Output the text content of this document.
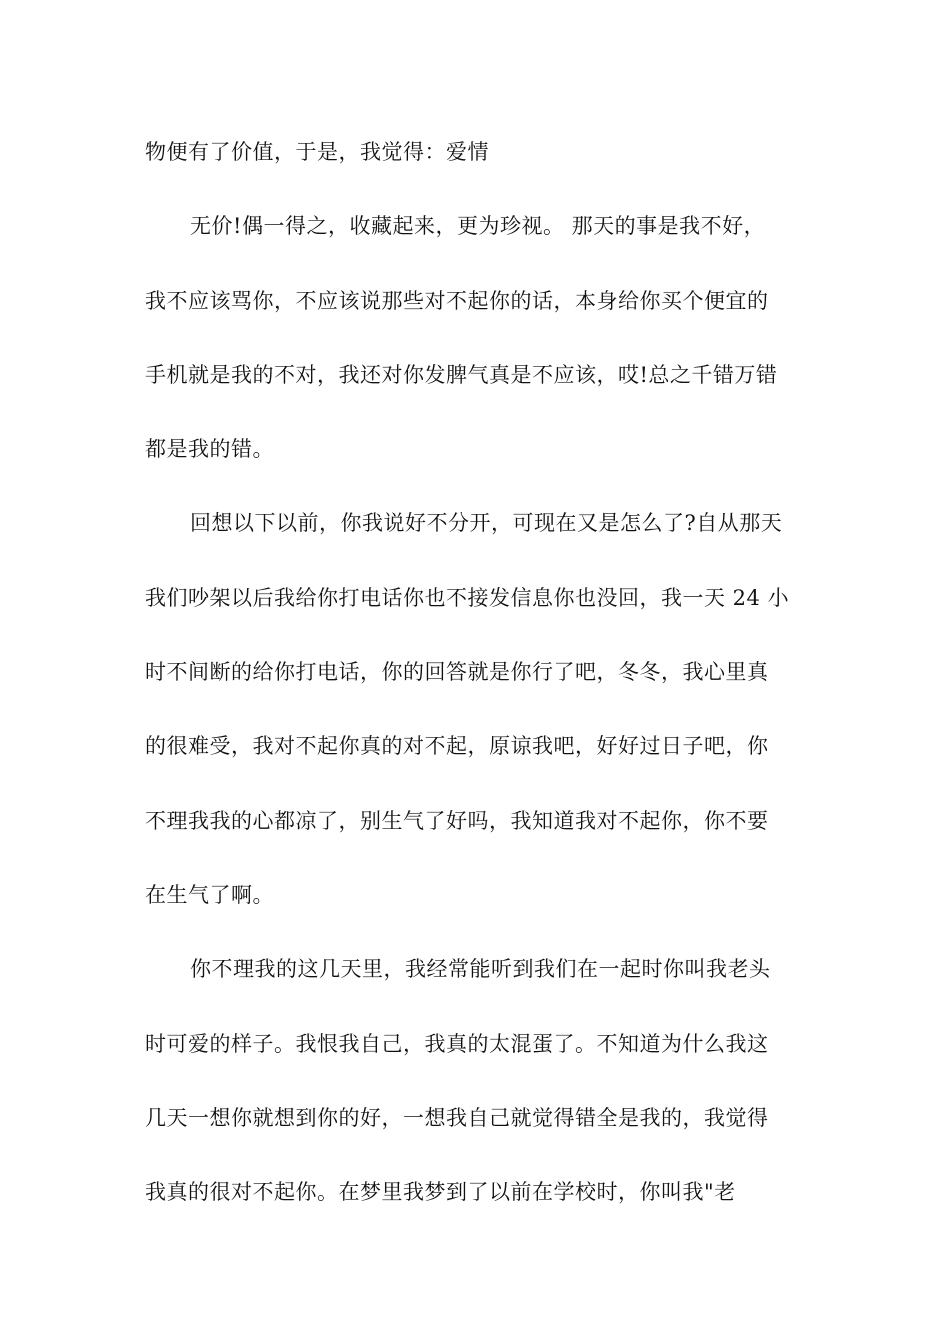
物便有了价值，于是，我觉得：爱情
无价!偶一得之，收藏起来，更为珍视。 那天的事是我不好，
我不应该骂你，不应该说那些对不起你的话，本身给你买个便宜的
手机就是我的不对，我还对你发脾气真是不应该，哎!总之千错万错
都是我的错。
回想以下以前，你我说好不分开，可现在又是怎么了?自从那天
我们吵架以后我给你打电话你也不接发信息你也没回，我一天 24 小
时不间断的给你打电话，你的回答就是你行了吧，冬冬，我心里真
的很难受，我对不起你真的对不起，原谅我吧，好好过日子吧，你
不理我我的心都凉了，别生气了好吗，我知道我对不起你，你不要
在生气了啊。
你不理我的这几天里，我经常能听到我们在一起时你叫我老头
时可爱的样子。我恨我自己，我真的太混蛋了。不知道为什么我这
几天一想你就想到你的好，一想我自己就觉得错全是我的，我觉得
我真的很对不起你。在梦里我梦到了以前在学校时，你叫我"老
